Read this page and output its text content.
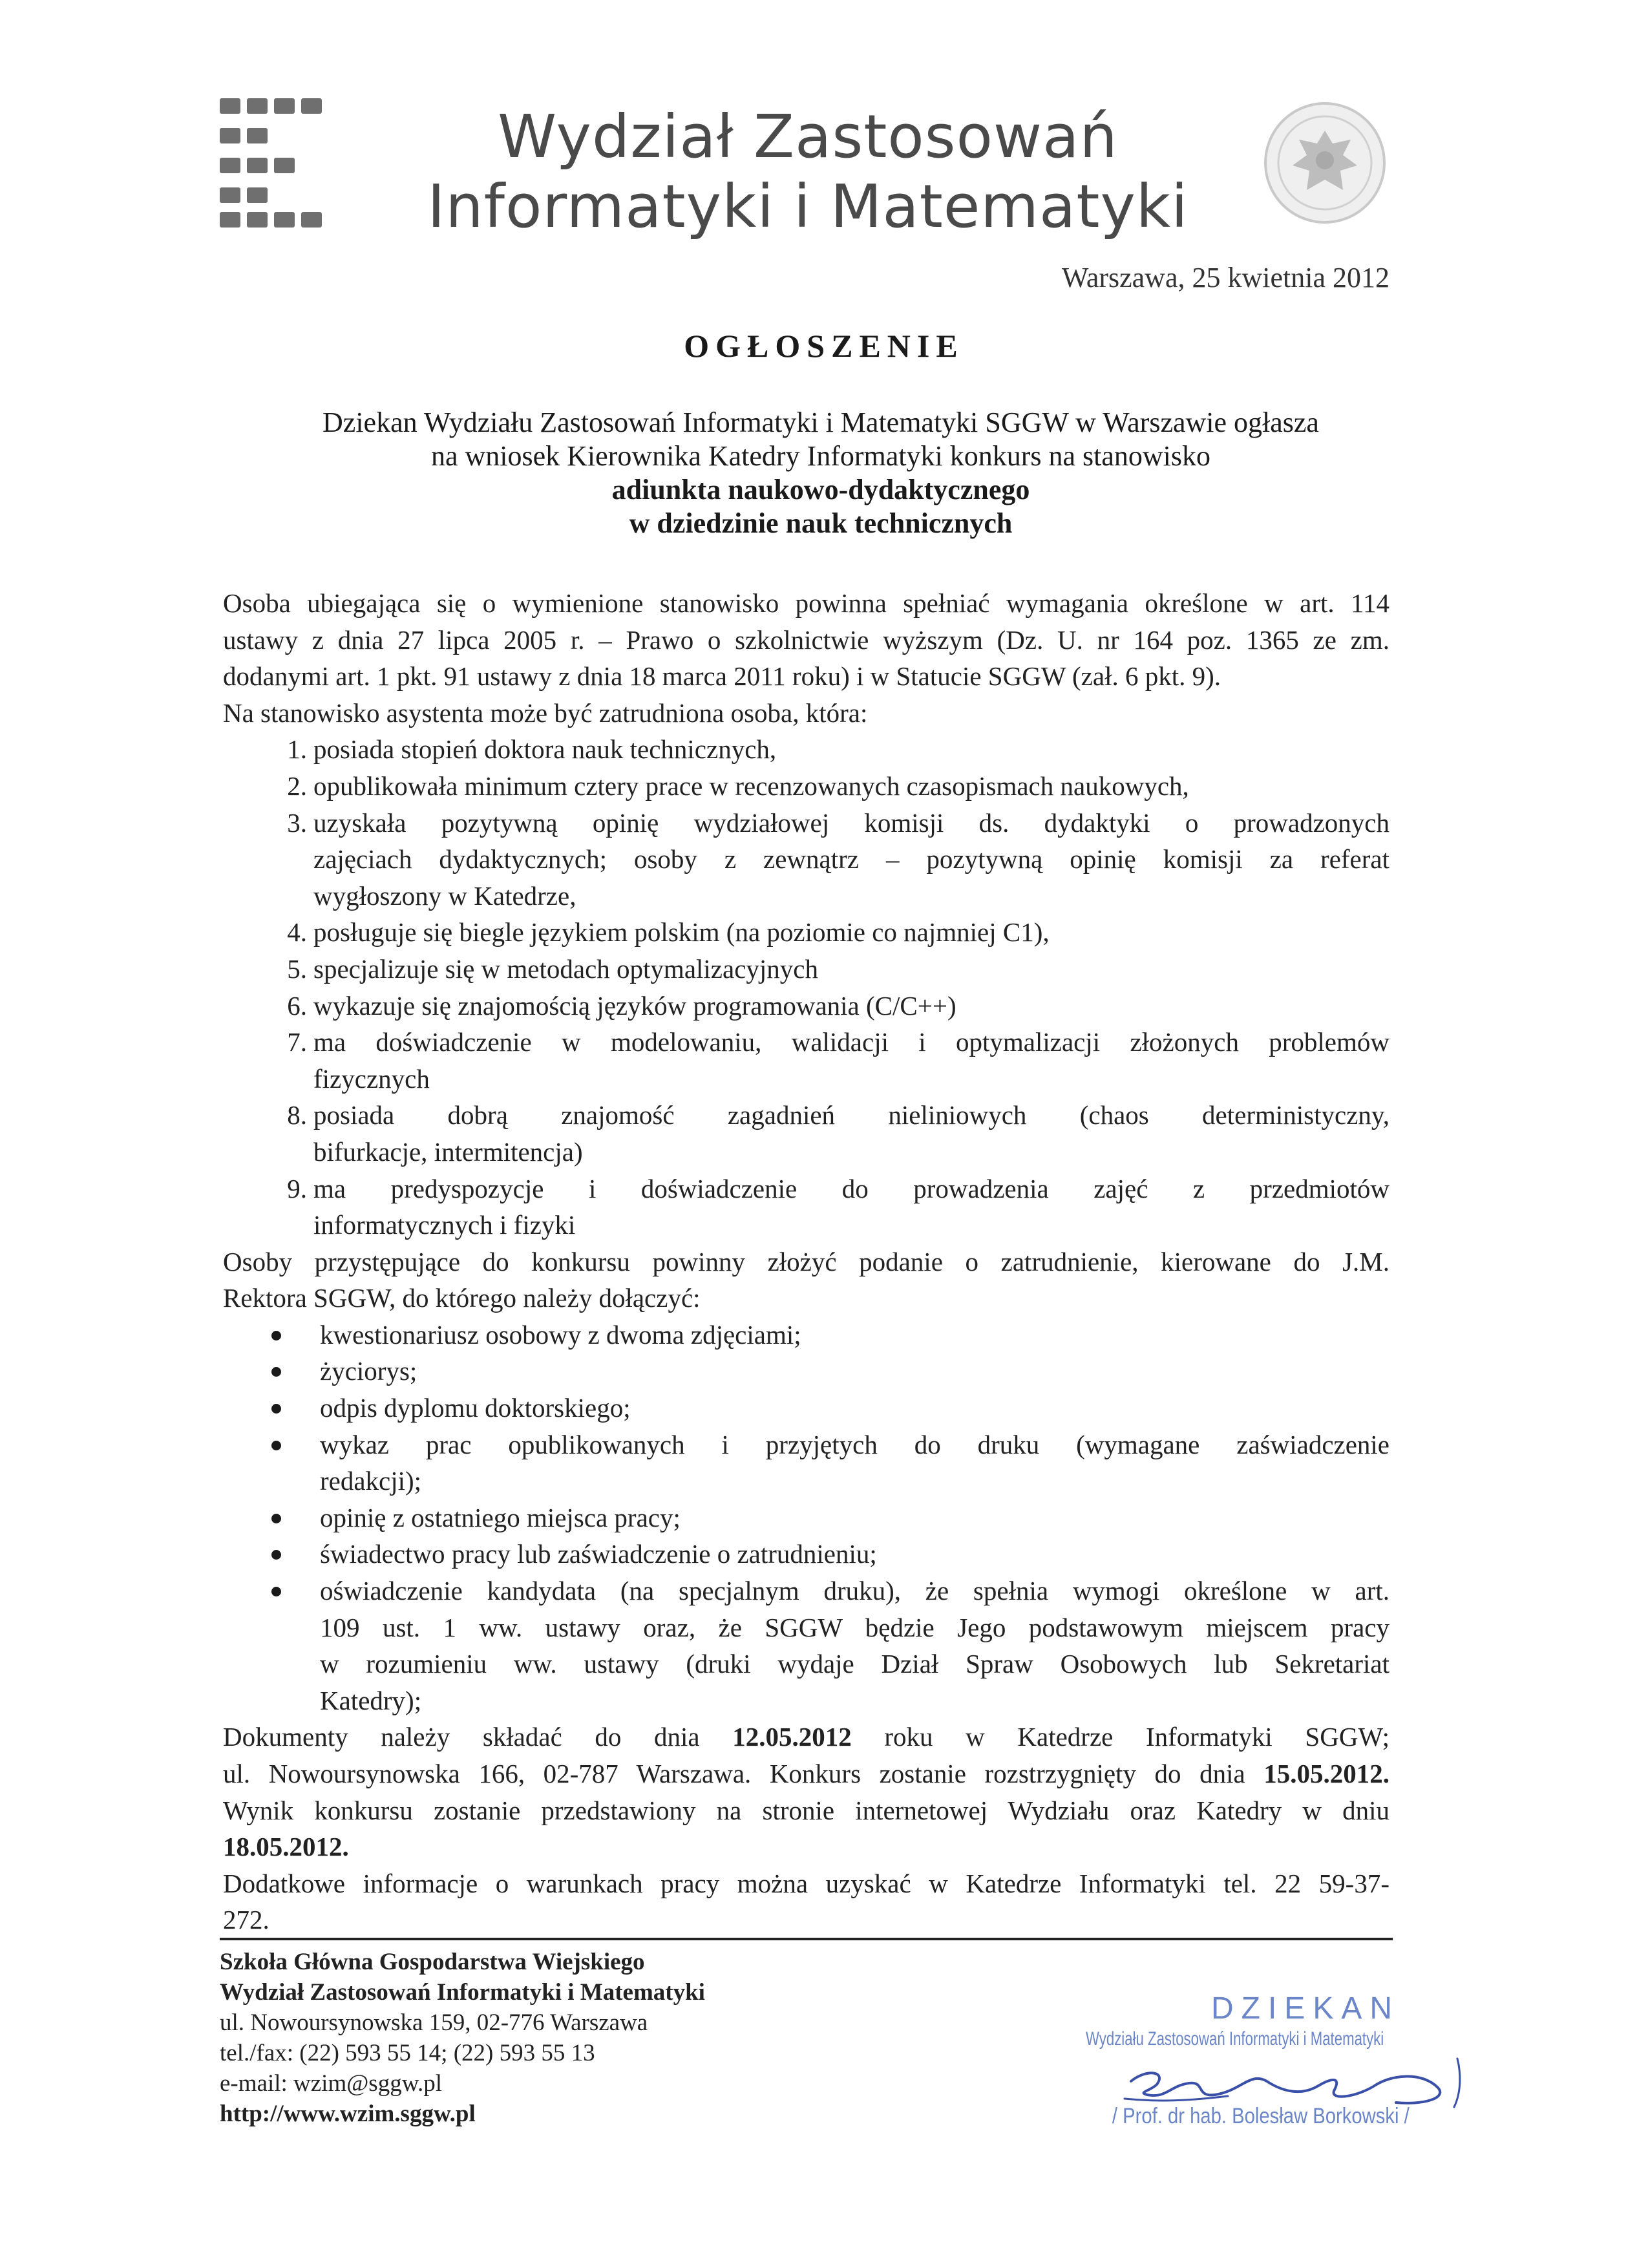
Wydział Zastosowań
Informatyki i Matematyki
Warszawa, 25 kwietnia 2012
OGŁOSZENIE
Dziekan Wydziału Zastosowań Informatyki i Matematyki SGGW w Warszawie ogłasza
na wniosek Kierownika Katedry Informatyki konkurs na stanowisko
adiunkta naukowo-dydaktycznego
w dziedzinie nauk technicznych
Osoba ubiegająca się o wymienione stanowisko powinna spełniać wymagania określone w art. 114
ustawy z dnia 27 lipca 2005 r. – Prawo o szkolnictwie wyższym (Dz. U. nr 164 poz. 1365 ze zm.
dodanymi art. 1 pkt. 91 ustawy z dnia 18 marca 2011 roku) i w Statucie SGGW (zał. 6 pkt. 9).
Na stanowisko asystenta może być zatrudniona osoba, która:
1. posiada stopień doktora nauk technicznych,
2. opublikowała minimum cztery prace w recenzowanych czasopismach naukowych,
3. uzyskała pozytywną opinię wydziałowej komisji ds. dydaktyki o prowadzonych
zajęciach dydaktycznych; osoby z zewnątrz – pozytywną opinię komisji za referat
wygłoszony w Katedrze,
4. posługuje się biegle językiem polskim (na poziomie co najmniej C1),
5. specjalizuje się w metodach optymalizacyjnych
6. wykazuje się znajomością języków programowania (C/C++)
7. ma doświadczenie w modelowaniu, walidacji i optymalizacji złożonych problemów
fizycznych
8. posiada dobrą znajomość zagadnień nieliniowych (chaos deterministyczny,
bifurkacje, intermitencja)
9. ma predyspozycje i doświadczenie do prowadzenia zajęć z przedmiotów
informatycznych i fizyki
Osoby przystępujące do konkursu powinny złożyć podanie o zatrudnienie, kierowane do J.M.
Rektora SGGW, do którego należy dołączyć:
kwestionariusz osobowy z dwoma zdjęciami;
życiorys;
odpis dyplomu doktorskiego;
wykaz prac opublikowanych i przyjętych do druku (wymagane zaświadczenie
redakcji);
opinię z ostatniego miejsca pracy;
świadectwo pracy lub zaświadczenie o zatrudnieniu;
oświadczenie kandydata (na specjalnym druku), że spełnia wymogi określone w art.
109 ust. 1 ww. ustawy oraz, że SGGW będzie Jego podstawowym miejscem pracy
w rozumieniu ww. ustawy (druki wydaje Dział Spraw Osobowych lub Sekretariat
Katedry);
Dokumenty należy składać do dnia 12.05.2012 roku w Katedrze Informatyki SGGW;
ul. Nowoursynowska 166, 02-787 Warszawa. Konkurs zostanie rozstrzygnięty do dnia 15.05.2012.
Wynik konkursu zostanie przedstawiony na stronie internetowej Wydziału oraz Katedry w dniu
18.05.2012.
Dodatkowe informacje o warunkach pracy można uzyskać w Katedrze Informatyki tel. 22 59-37-
272.
Szkoła Główna Gospodarstwa Wiejskiego
Wydział Zastosowań Informatyki i Matematyki
ul. Nowoursynowska 159, 02-776 Warszawa
tel./fax: (22) 593 55 14; (22) 593 55 13
e-mail: wzim@sggw.pl
http://www.wzim.sggw.pl
DZIEKAN
Wydziału Zastosowań Informatyki i Matematyki
/ Prof. dr hab. Bolesław Borkowski /
